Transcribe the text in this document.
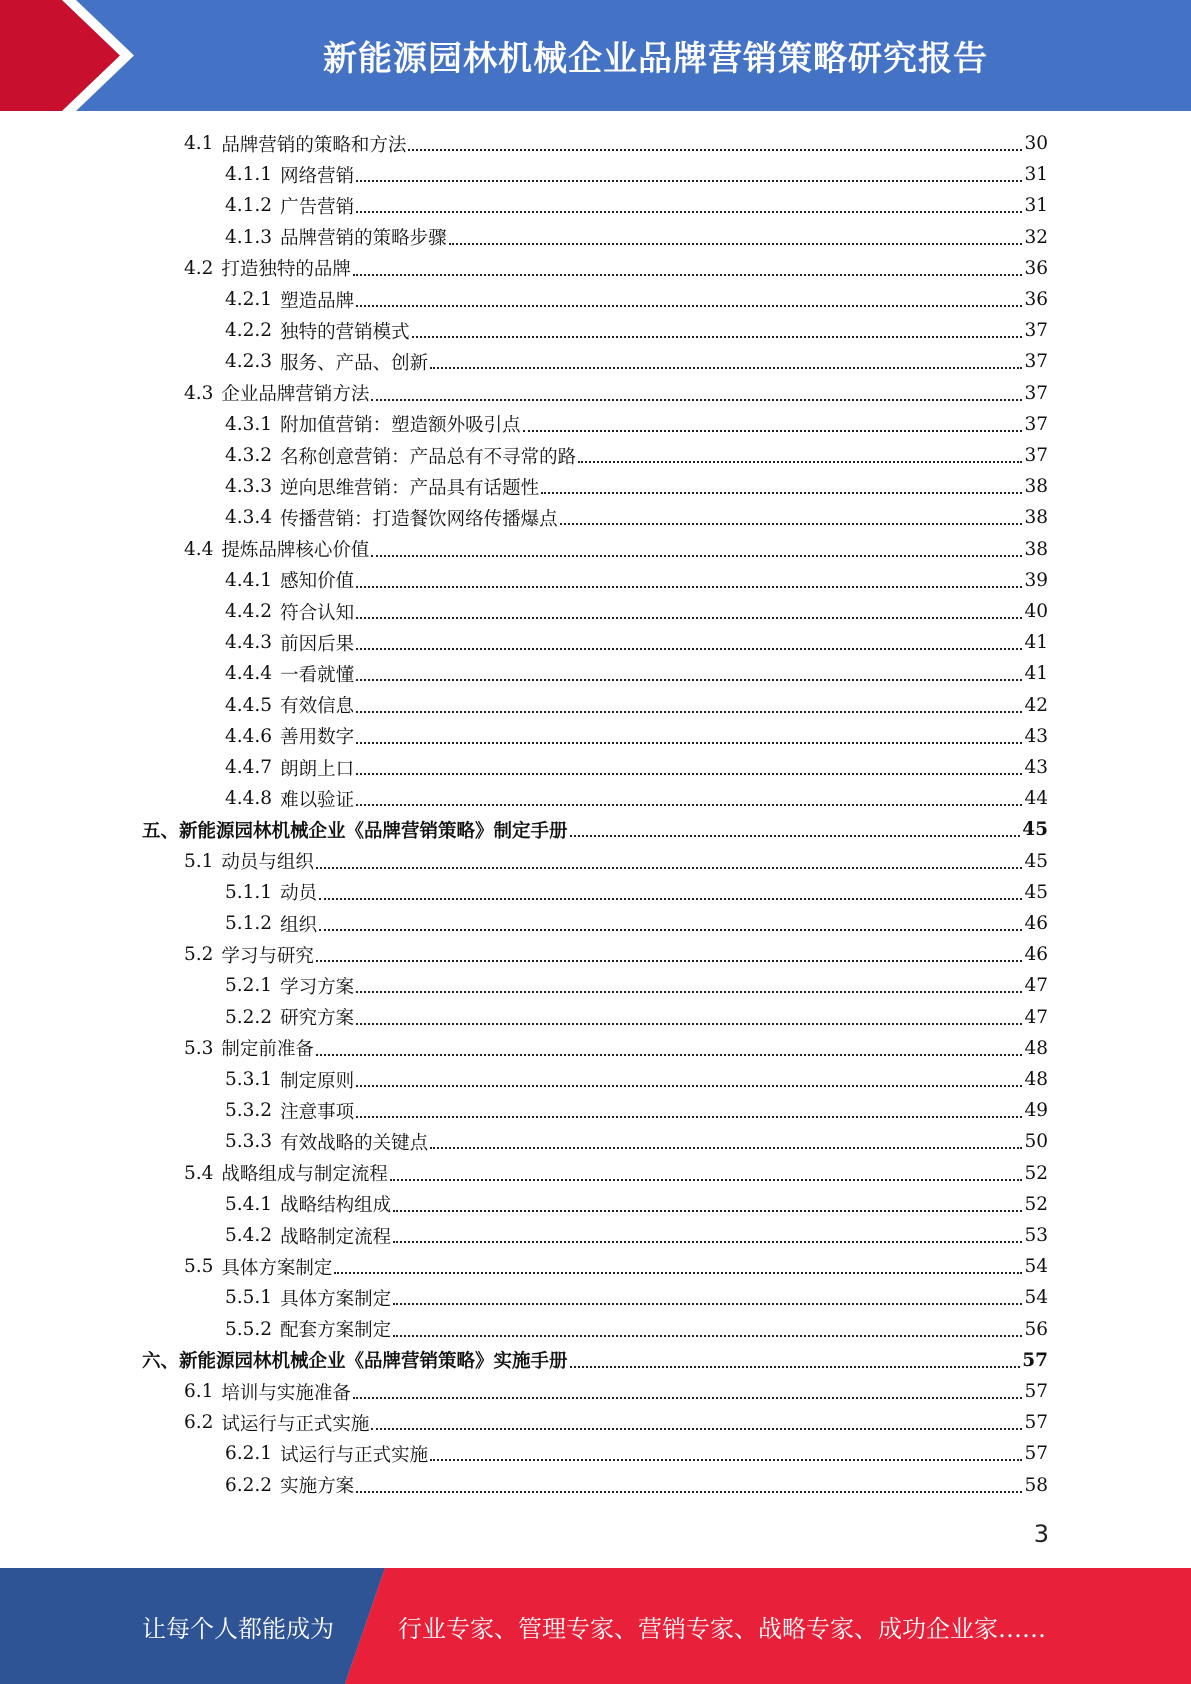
新能源园林机械企业品牌营销策略研究报告
4.1 品牌营销的策略和方法	30
4.1.1 网络营销	31
4.1.2 广告营销	31
4.1.3 品牌营销的策略步骤	32
4.2 打造独特的品牌	36
4.2.1 塑造品牌	36
4.2.2 独特的营销模式	37
4.2.3 服务、产品、创新	37
4.3 企业品牌营销方法	37
4.3.1 附加值营销：塑造额外吸引点	37
4.3.2 名称创意营销：产品总有不寻常的路	37
4.3.3 逆向思维营销：产品具有话题性	38
4.3.4 传播营销：打造餐饮网络传播爆点	38
4.4 提炼品牌核心价值	38
4.4.1 感知价值	39
4.4.2 符合认知	40
4.4.3 前因后果	41
4.4.4 一看就懂	41
4.4.5 有效信息	42
4.4.6 善用数字	43
4.4.7 朗朗上口	43
4.4.8 难以验证	44
五、新能源园林机械企业《品牌营销策略》制定手册	45
5.1 动员与组织	45
5.1.1 动员	45
5.1.2 组织	46
5.2 学习与研究	46
5.2.1 学习方案	47
5.2.2 研究方案	47
5.3 制定前准备	48
5.3.1 制定原则	48
5.3.2 注意事项	49
5.3.3 有效战略的关键点	50
5.4 战略组成与制定流程	52
5.4.1 战略结构组成	52
5.4.2 战略制定流程	53
5.5 具体方案制定	54
5.5.1 具体方案制定	54
5.5.2 配套方案制定	56
六、新能源园林机械企业《品牌营销策略》实施手册	57
6.1 培训与实施准备	57
6.2 试运行与正式实施	57
6.2.1 试运行与正式实施	57
6.2.2 实施方案	58
3
让每个人都能成为	行业专家、管理专家、营销专家、战略专家、成功企业家……
